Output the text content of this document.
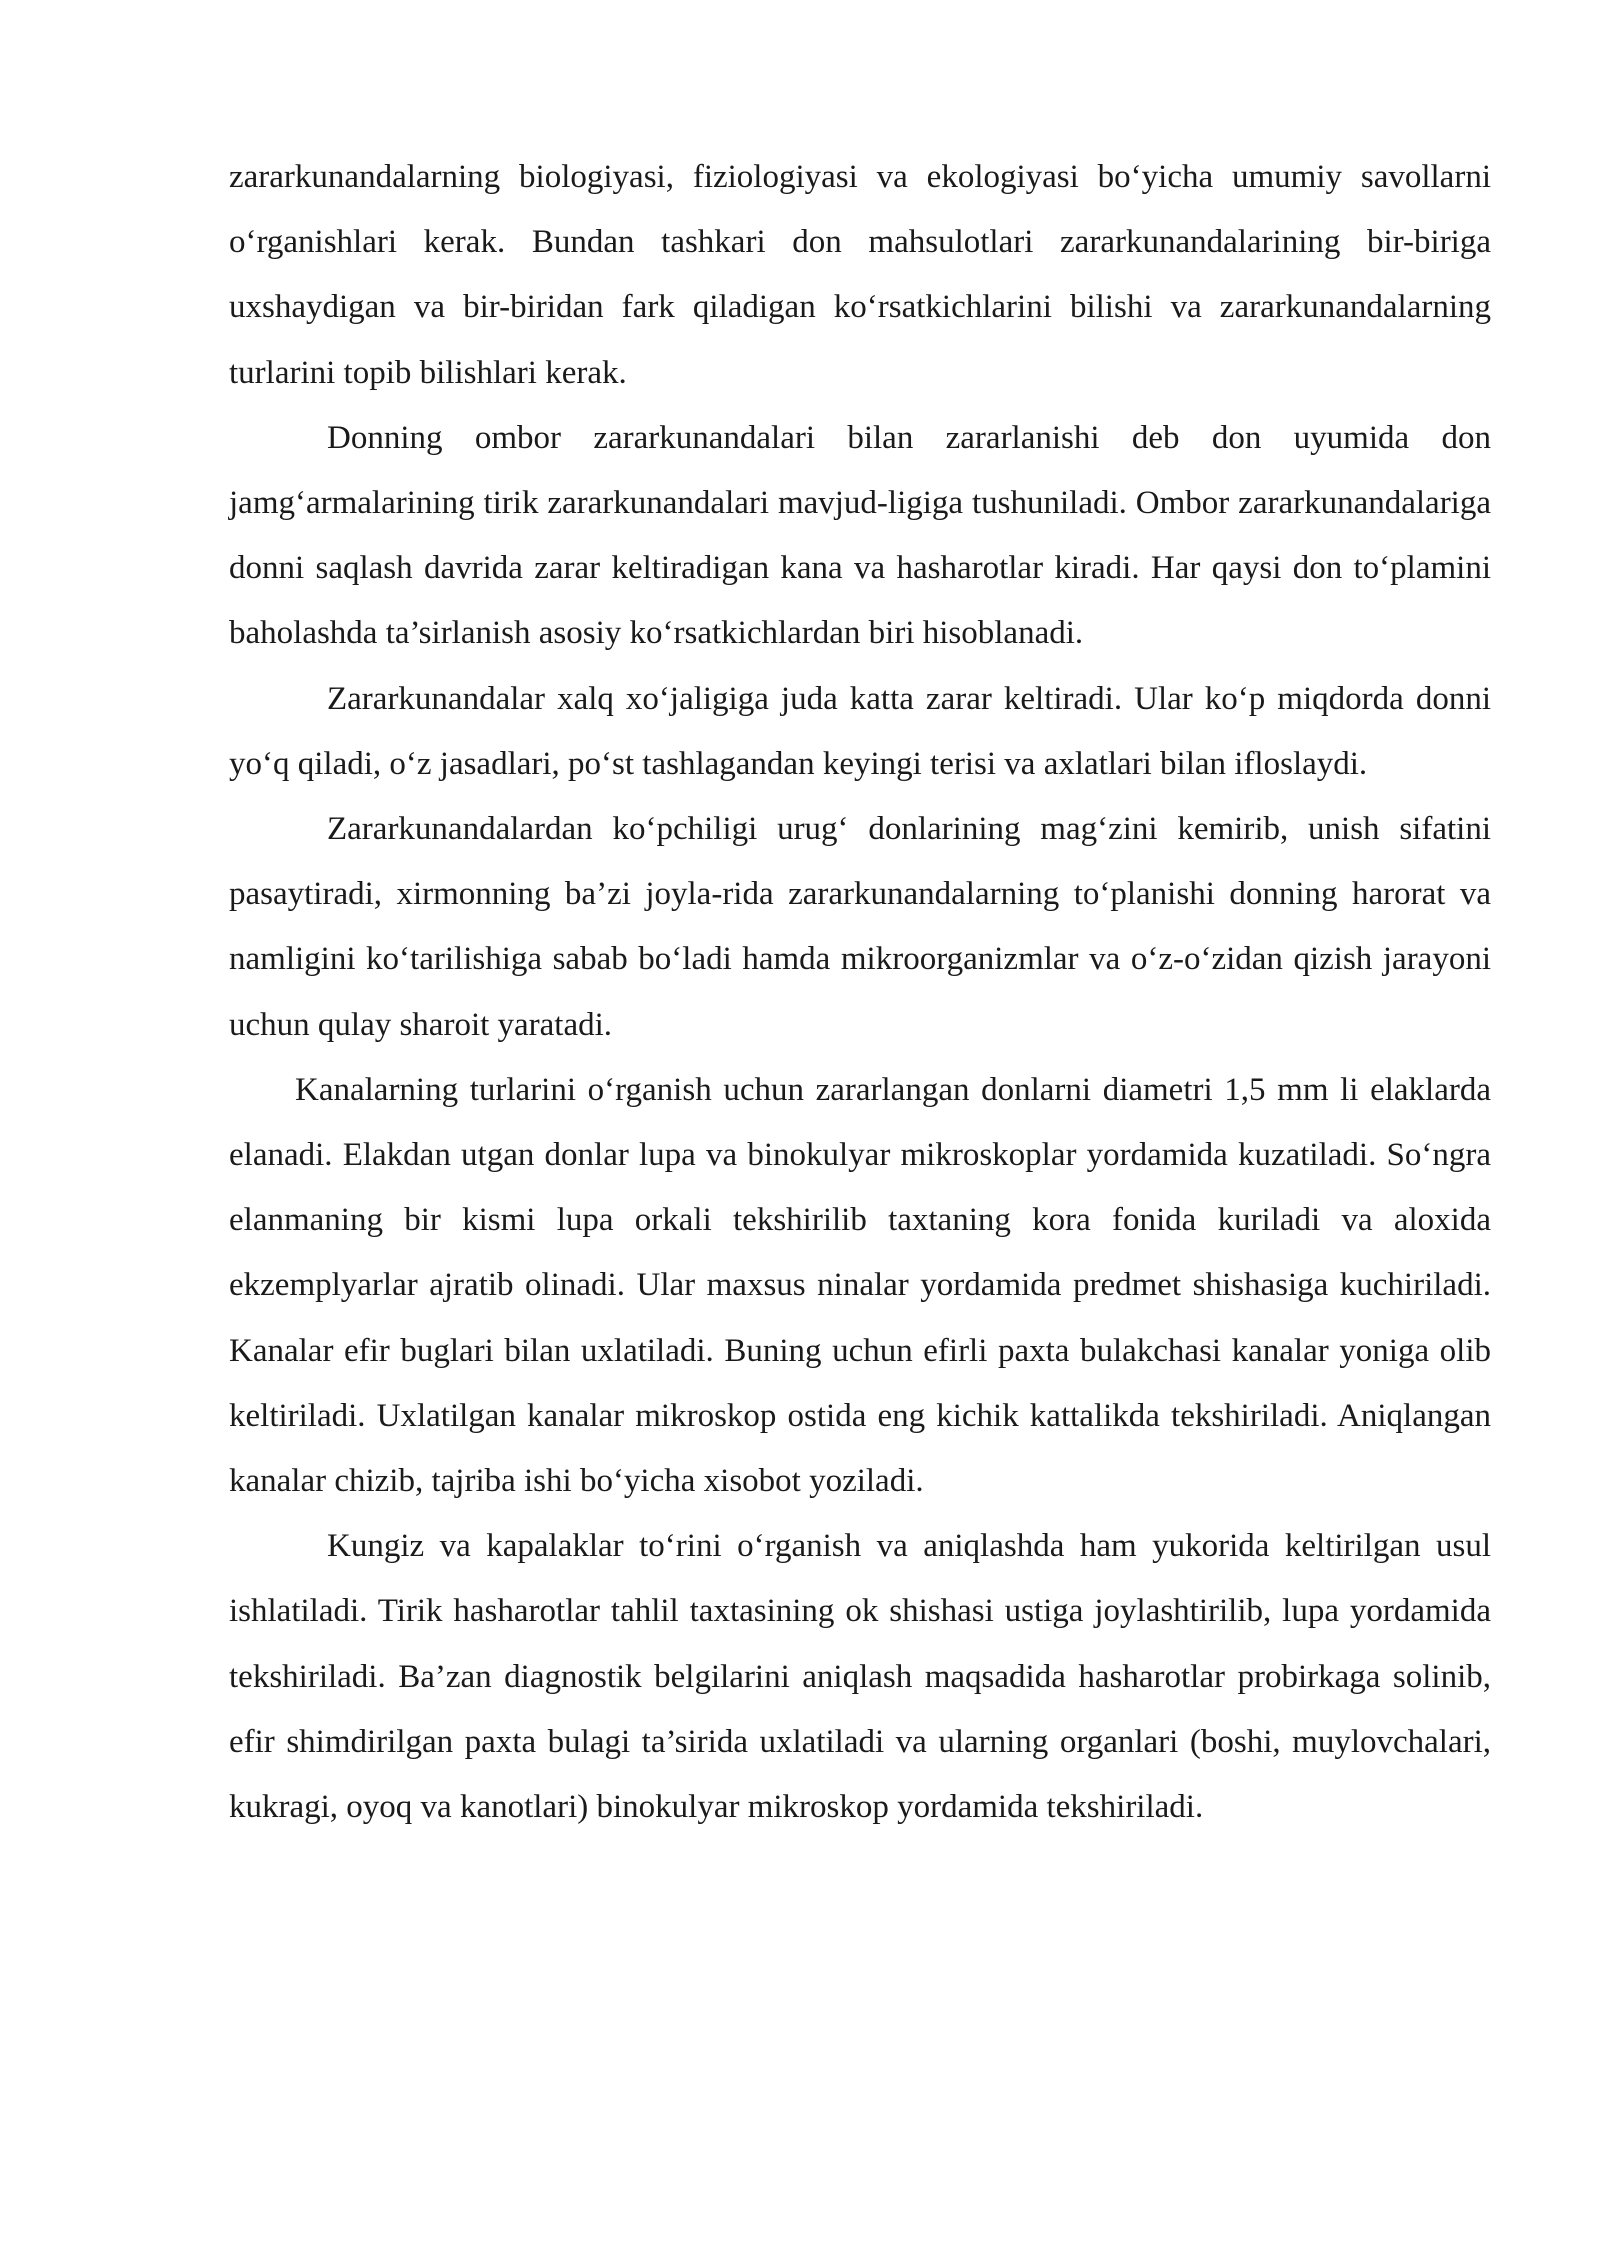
zararkunandalarning biologiyasi, fiziologiyasi va ekologiyasi bo‘yicha umumiy savollarni o‘rganishlari kerak. Bundan tashkari don mahsulotlari zararkunandalarining bir-biriga uxshaydigan va bir-biridan fark qiladigan ko‘rsatkichlarini bilishi va zararkunandalarning turlarini topib bilishlari kerak.

Donning ombor zararkunandalari bilan zararlanishi deb don uyumida don jamg‘armalarining tirik zararkunandalari mavjud-ligiga tushuniladi. Ombor zararkunandalariga donni saqlash davrida zarar keltiradigan kana va hasharotlar kiradi. Har qaysi don to‘plamini baholashda ta’sirlanish asosiy ko‘rsatkichlardan biri hisoblanadi.

Zararkunandalar xalq xo‘jaligiga juda katta zarar keltiradi. Ular ko‘p miqdorda donni yo‘q qiladi, o‘z jasadlari, po‘st tashlagandan keyingi terisi va axlatlari bilan ifloslaydi.

Zararkunandalardan ko‘pchiligi urug‘ donlarining mag‘zini kemirib, unish sifatini pasaytiradi, xirmonning ba’zi joyla-rida zararkunandalarning to‘planishi donning harorat va namligini ko‘tarilishiga sabab bo‘ladi hamda mikroorganizmlar va o‘z-o‘zidan qizish jarayoni uchun qulay sharoit yaratadi.

Kanalarning turlarini o‘rganish uchun zararlangan donlarni diametri 1,5 mm li elaklarda elanadi. Elakdan utgan donlar lupa va binokulyar mikroskoplar yordamida kuzatiladi. So‘ngra elanmaning bir kismi lupa orkali tekshirilib taxtaning kora fonida kuriladi va aloxida ekzemplyarlar ajratib olinadi. Ular maxsus ninalar yordamida predmet shishasiga kuchiriladi. Kanalar efir buglari bilan uxlatiladi. Buning uchun efirli paxta bulakchasi kanalar yoniga olib keltiriladi. Uxlatilgan kanalar mikroskop ostida eng kichik kattalikda tekshiriladi. Aniqlangan kanalar chizib, tajriba ishi bo‘yicha xisobot yoziladi.

Kungiz va kapalaklar to‘rini o‘rganish va aniqlashda ham yukorida keltirilgan usul ishlatiladi. Tirik hasharotlar tahlil taxtasining ok shishasi ustiga joylashtirilib, lupa yordamida tekshiriladi. Ba’zan diagnostik belgilarini aniqlash maqsadida hasharotlar probirkaga solinib, efir shimdirilgan paxta bulagi ta’sirida uxlatiladi va ularning organlari (boshi, muylovchalari, kukragi, oyoq va kanotlari) binokulyar mikroskop yordamida tekshiriladi.
